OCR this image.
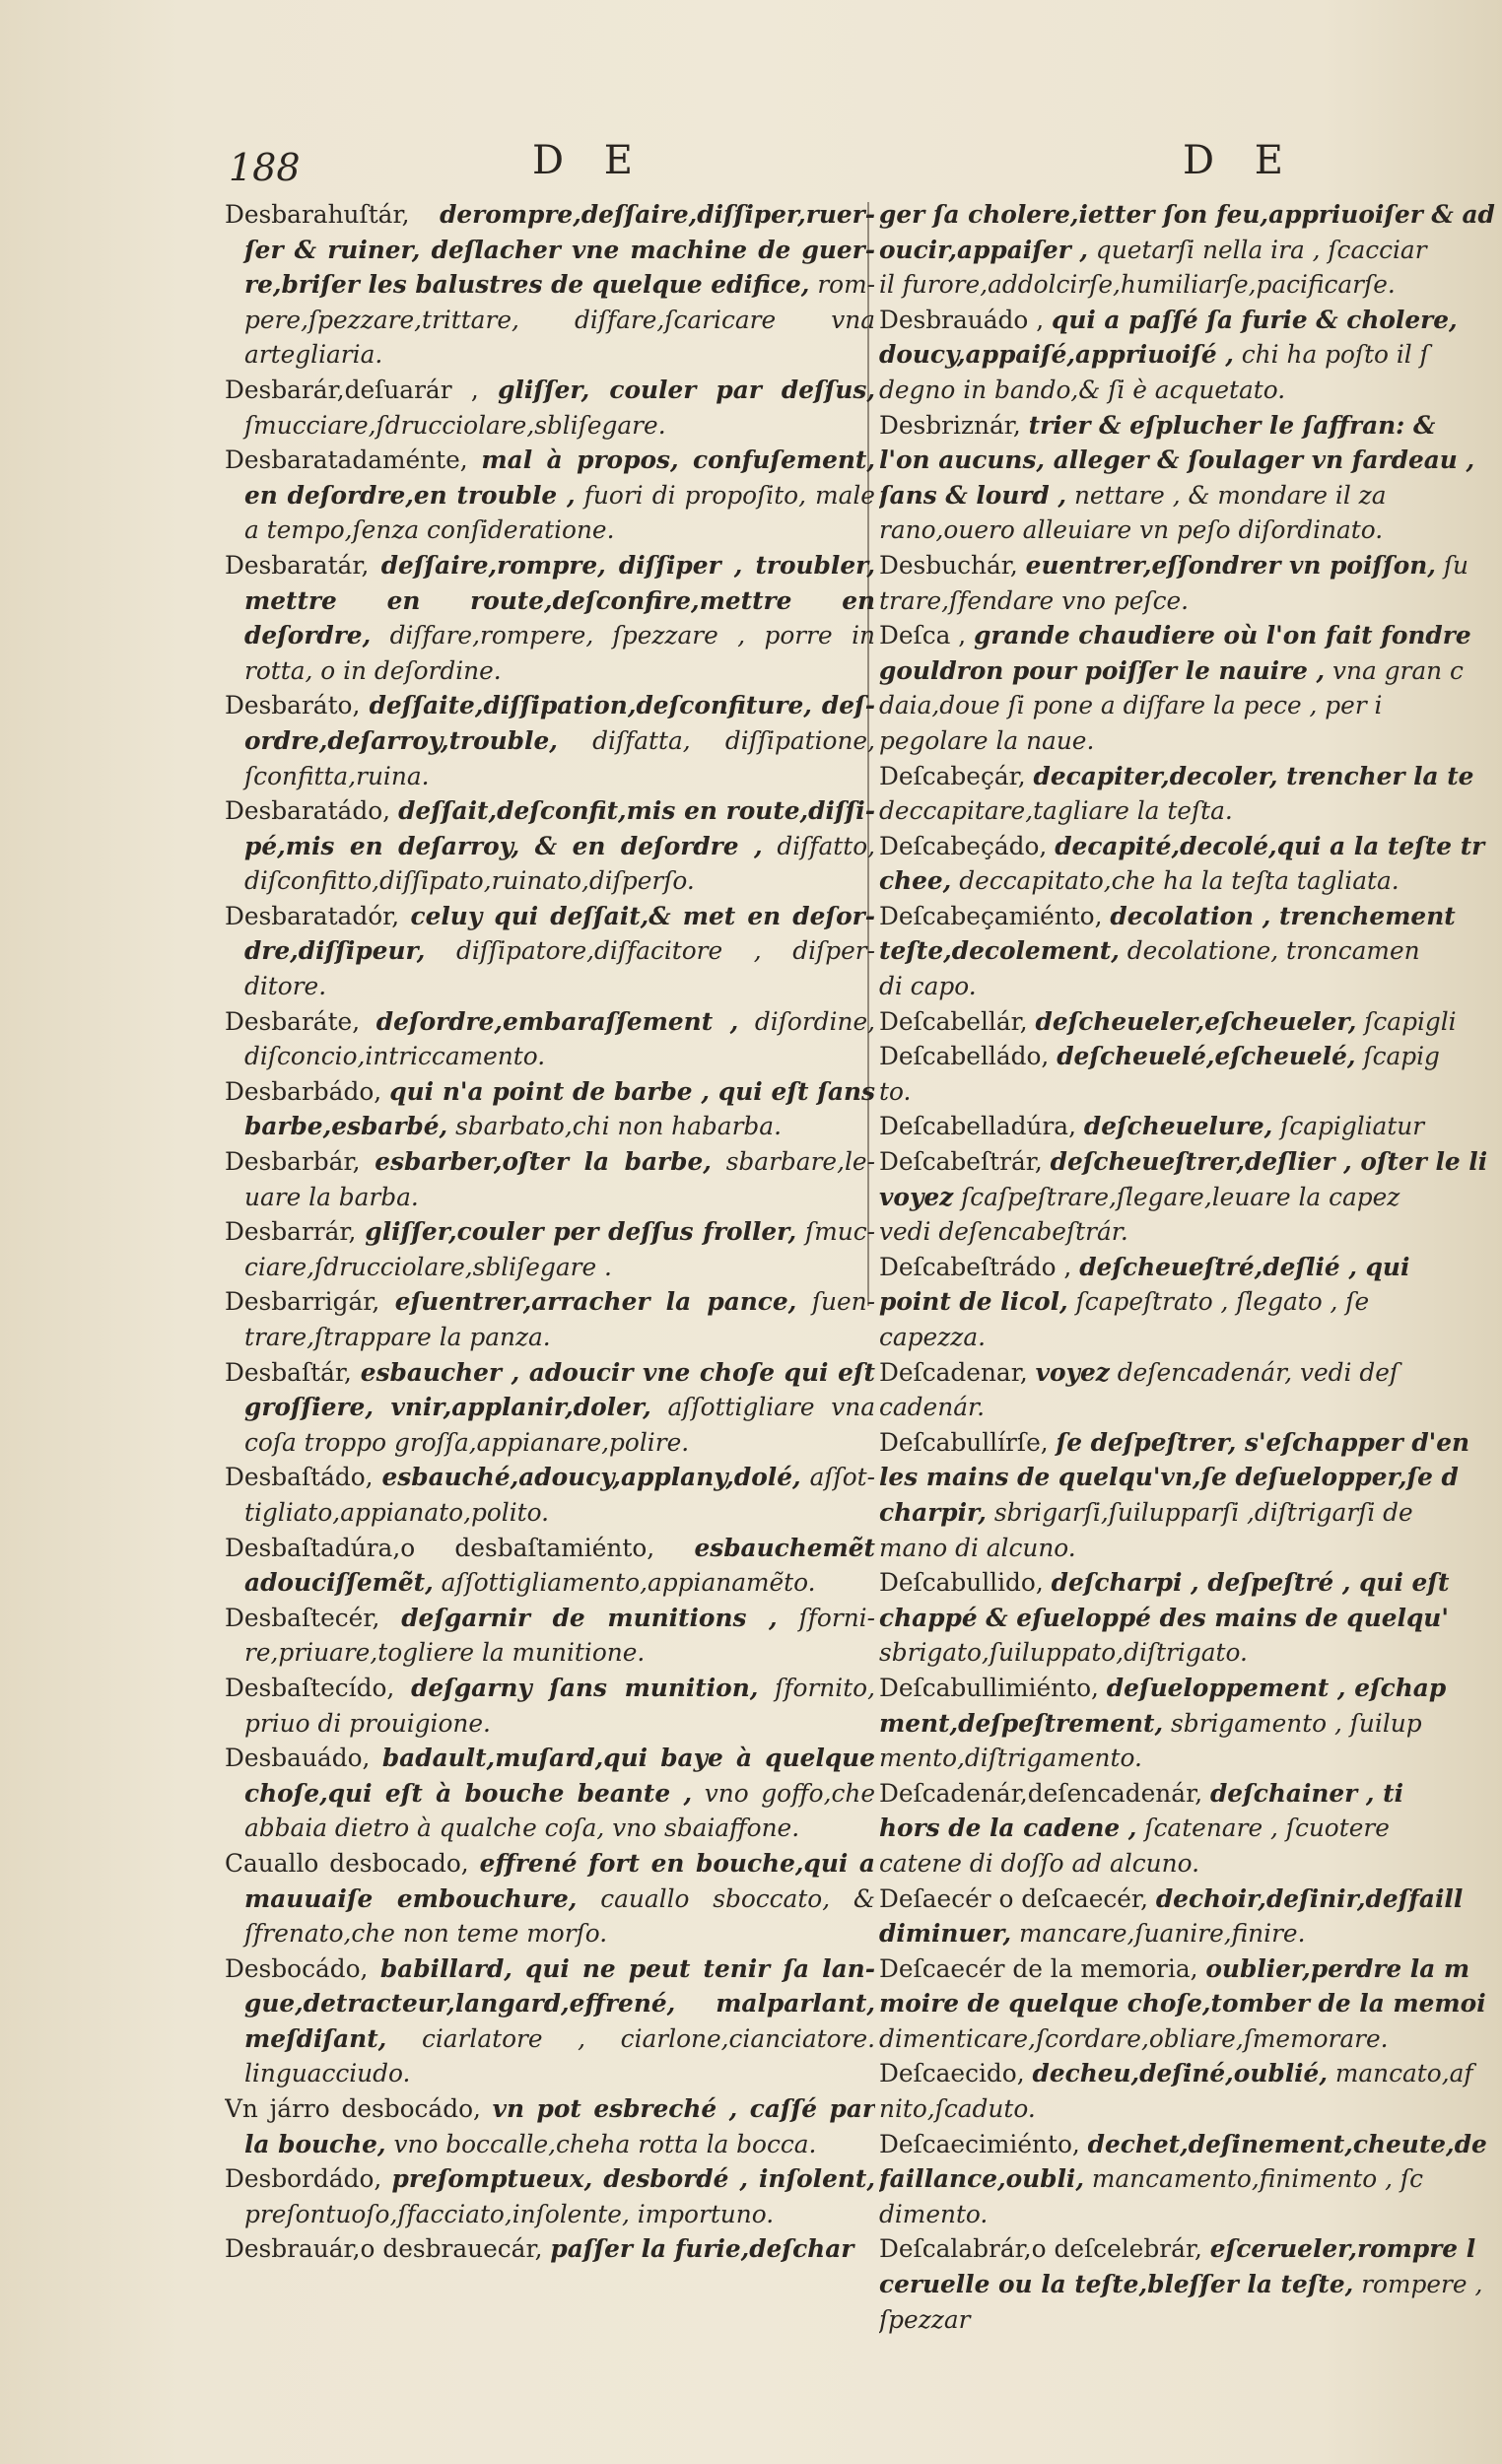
188	D E	D E
Desbarahuſtár, derompre,deſſaire,diſſiper,ruerſer & ruiner, deſlacher vne machine de guerre,briſer les balustres de quelque edifice, rompere,ſpezzare,trittare, diſfare,ſcaricare vna artegliaria.
Desbarár,deſuarár , gliſſer, couler par deſſus, ſmucciare,ſdrucciolare,sbliſegare.
Desbaratadaménte, mal à propos, confuſement, en deſordre,en trouble , fuori di propoſito, male a tempo,ſenza conſideratione.
Desbaratár, deſſaire,rompre, diſſiper , troubler, mettre en route,deſconfire,mettre en deſordre, diſfare,rompere, ſpezzare , porre in rotta, o in deſordine.
Desbaráto, deſſaite,diſſipation,deſconfiture, deſordre,deſarroy,trouble, diſfatta, diſſipatione, ſconfitta,ruina.
Desbaratádo, deſſait,deſconfit,mis en route,diſſipé,mis en deſarroy, & en deſordre , diſfatto, diſconfitto,diſſipato,ruinato,diſperſo.
Desbaratadór, celuy qui deſſait,& met en deſordre,diſſipeur, diſſipatore,diſfacitore , diſperditore.
Desbaráte, deſordre,embaraſſement , diſordine, diſconcio,intriccamento.
Desbarbádo, qui n'a point de barbe , qui eſt ſans barbe,esbarbé, sbarbato,chi non habarba.
Desbarbár, esbarber,oſter la barbe, sbarbare,leuare la barba.
Desbarrár, gliſſer,couler per deſſus froller, ſmucciare,ſdrucciolare,sbliſegare .
Desbarrigár, eſuentrer,arracher la pance, ſuentrare,ſtrappare la panza.
Desbaſtár, esbaucher , adoucir vne choſe qui eſt groſſiere, vnir,applanir,doler, aſſottigliare vna coſa troppo groſſa,appianare,polire.
Desbaſtádo, esbauché,adoucy,applany,dolé, aſſottigliato,appianato,polito.
Desbaſtadúra,o desbaſtamiénto, esbauchemẽt adouciſſemẽt, aſſottigliamento,appianamẽto.
Desbaſtecér, deſgarnir de munitions , ſfornire,priuare,togliere la munitione.
Desbaſtecído, deſgarny ſans munition, ſfornito, priuo di prouigione.
Desbauádo, badault,muſard,qui baye à quelque choſe,qui eſt à bouche beante , vno goffo,che abbaia dietro à qualche coſa, vno sbaiaffone.
Cauallo desbocado, effrené fort en bouche,qui a mauuaiſe embouchure, cauallo sboccato, & ſfrenato,che non teme morſo.
Desbocádo, babillard, qui ne peut tenir ſa langue,detracteur,langard,effrené, malparlant, meſdiſant, ciarlatore , ciarlone,cianciatore. linguacciudo.
Vn járro desbocádo, vn pot esbreché , caſſé par la bouche, vno boccalle,cheha rotta la bocca.
Desbordádo, preſomptueux, desbordé , inſolent, preſontuoſo,ſfacciato,inſolente, importuno.
Desbrauár,o desbrauecár, paſſer la furie,deſchar
ger ſa cholere,ietter ſon feu,appriuoiſer & ad
oucir,appaiſer , quetarſi nella ira , ſcacciar
il furore,addolcirſe,humiliarſe,pacificarſe.
Desbrauádo , qui a paſſé ſa furie & cholere,
doucy,appaiſé,appriuoiſé , chi ha poſto il ſ
degno in bando,& ſi è acquetato.
Desbriznár, trier & eſplucher le ſaffran: &
l'on aucuns, alleger & ſoulager vn fardeau ,
ſans & lourd , nettare , & mondare il za
rano,ouero alleuiare vn peſo diſordinato.
Desbuchár, euentrer,eſſondrer vn poiſſon, ſu
trare,ſfendare vno peſce.
Deſca , grande chaudiere où l'on fait fondre
gouldron pour poiſſer le nauire , vna gran c
daia,doue ſi pone a diſfare la pece , per i
pegolare la naue.
Deſcabeçár, decapiter,decoler, trencher la te
deccapitare,tagliare la teſta.
Deſcabeçádo, decapité,decolé,qui a la teſte tr
chee, deccapitato,che ha la teſta tagliata.
Deſcabeçamiénto, decolation , trenchement
teſte,decolement, decolatione, troncamen
di capo.
Deſcabellár, deſcheueler,eſcheueler, ſcapigli
Deſcabelládo, deſcheuelé,eſcheuelé, ſcapig
to.
Deſcabelladúra, deſcheuelure, ſcapigliatur
Deſcabeſtrár, deſcheueſtrer,deſlier , oſter le li
voyez ſcaſpeſtrare,ſlegare,leuare la capez
vedi deſencabeſtrár.
Deſcabeſtrádo , deſcheueſtré,deſlié , qui
point de licol, ſcapeſtrato , ſlegato , ſe
capezza.
Deſcadenar, voyez deſencadenár, vedi deſ
cadenár.
Deſcabullírſe, ſe deſpeſtrer, s'eſchapper d'en
les mains de quelqu'vn,ſe deſuelopper,ſe d
charpir, sbrigarſi,ſuilupparſi ,diſtrigarſi de
mano di alcuno.
Deſcabullido, deſcharpi , deſpeſtré , qui eſt
chappé & eſueloppé des mains de quelqu'
sbrigato,ſuiluppato,diſtrigato.
Deſcabullimiénto, deſueloppement , eſchap
ment,deſpeſtrement, sbrigamento , ſuilup
mento,diſtrigamento.
Deſcadenár,deſencadenár, deſchainer , ti
hors de la cadene , ſcatenare , ſcuotere
catene di doſſo ad alcuno.
Deſaecér o deſcaecér, dechoir,deſinir,deſfaill
diminuer, mancare,ſuanire,finire.
Deſcaecér de la memoria, oublier,perdre la m
moire de quelque choſe,tomber de la memoi
dimenticare,ſcordare,obliare,ſmemorare.
Deſcaecido, decheu,deſiné,oublié, mancato,af
nito,ſcaduto.
Deſcaecimiénto, dechet,deſinement,cheute,de
faillance,oubli, mancamento,finimento , ſc
dimento.
Deſcalabrár,o deſcelebrár, eſcerueler,rompre l
ceruelle ou la teſte,bleſſer la teſte, rompere ,
ſpezzar
